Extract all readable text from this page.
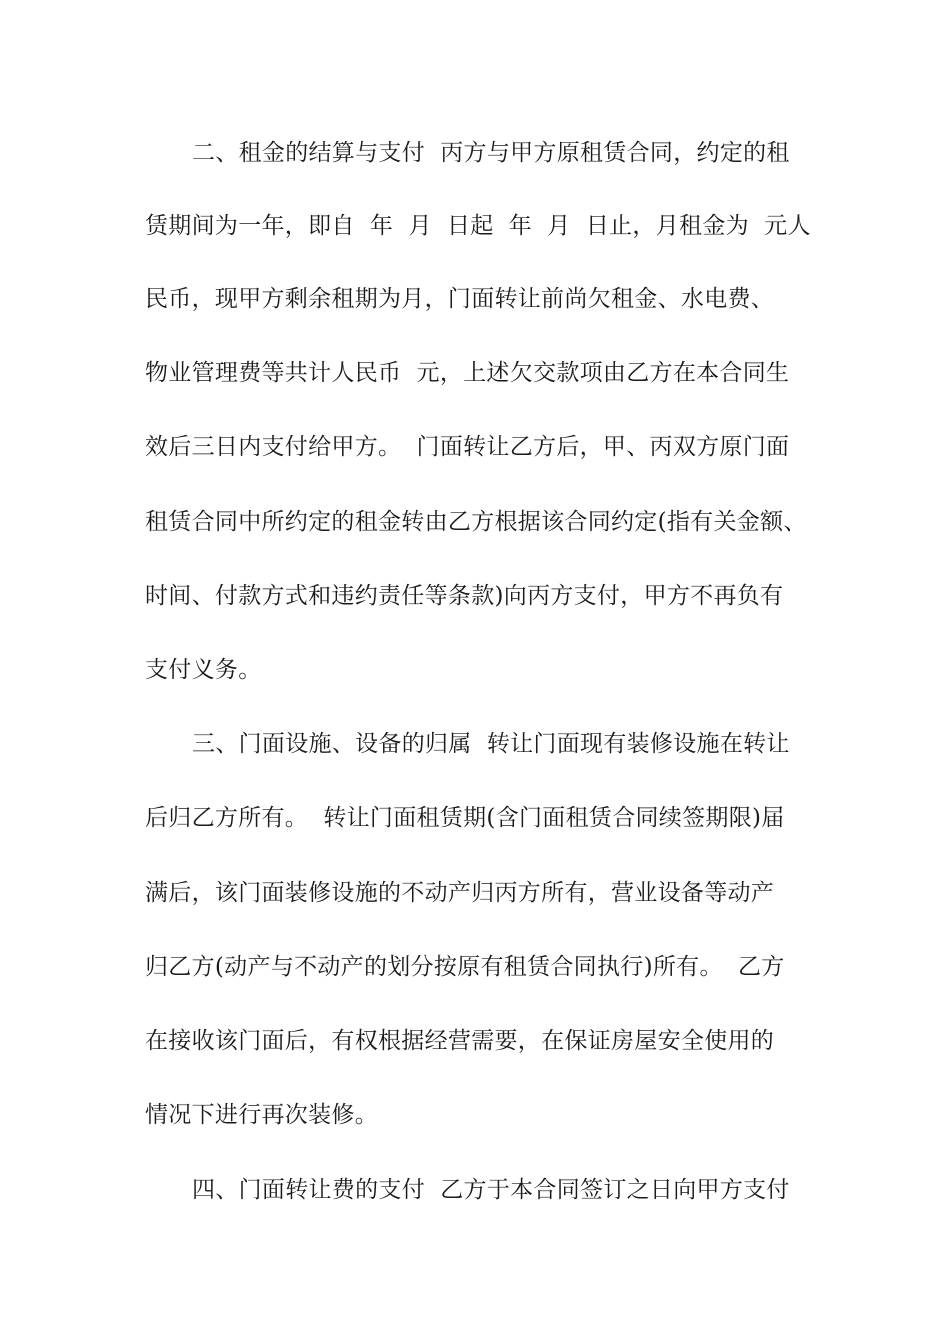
二、租金的结算与支付  丙方与甲方原租赁合同，约定的租
赁期间为一年，即自  年  月  日起  年  月  日止，月租金为  元人
民币，现甲方剩余租期为月，门面转让前尚欠租金、水电费、
物业管理费等共计人民币  元，上述欠交款项由乙方在本合同生
效后三日内支付给甲方。  门面转让乙方后，甲、丙双方原门面
租赁合同中所约定的租金转由乙方根据该合同约定(指有关金额、
时间、付款方式和违约责任等条款)向丙方支付，甲方不再负有
支付义务。
三、门面设施、设备的归属  转让门面现有装修设施在转让
后归乙方所有。  转让门面租赁期(含门面租赁合同续签期限)届
满后，该门面装修设施的不动产归丙方所有，营业设备等动产
归乙方(动产与不动产的划分按原有租赁合同执行)所有。  乙方
在接收该门面后，有权根据经营需要，在保证房屋安全使用的
情况下进行再次装修。
四、门面转让费的支付  乙方于本合同签订之日向甲方支付
